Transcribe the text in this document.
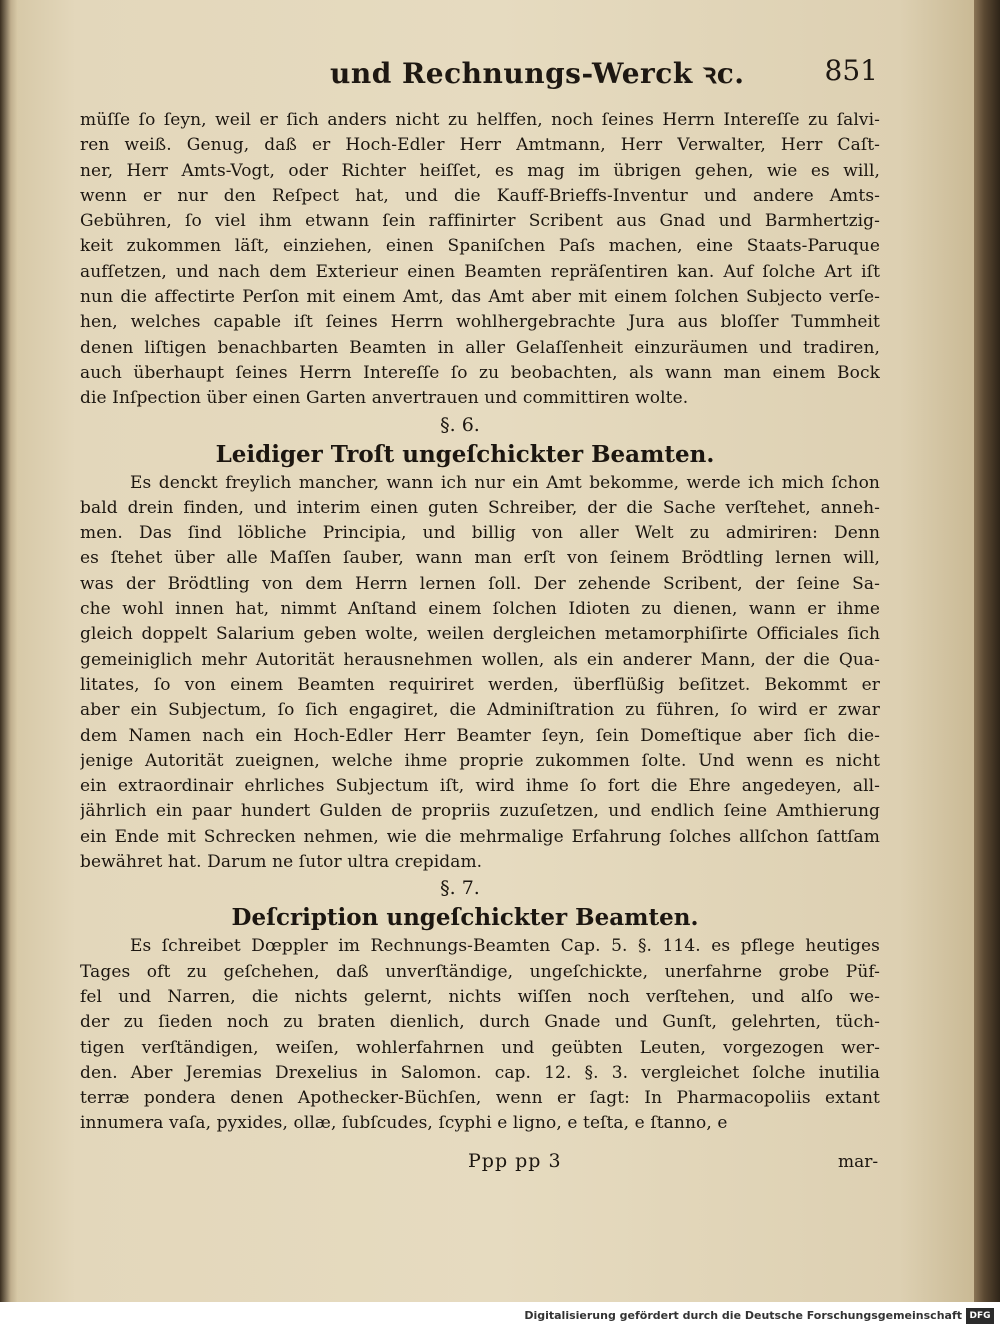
und Rechnungs-Werck ꝛc.	851
müſſe ſo ſeyn, weil er ſich anders nicht zu helffen, noch ſeines Herrn Intereſſe zu ſalvi-
ren weiß. Genug, daß er Hoch-Edler Herr Amtmann, Herr Verwalter, Herr Caſt-
ner, Herr Amts-Vogt, oder Richter heiſſet, es mag im übrigen gehen, wie es will,
wenn er nur den Reſpect hat, und die Kauff-Brieffs-Inventur und andere Amts-
Gebühren, ſo viel ihm etwann ſein raffinirter Scribent aus Gnad und Barmhertzig-
keit zukommen läſt, einziehen, einen Spaniſchen Paſs machen, eine Staats-Paruque
aufſetzen, und nach dem Exterieur einen Beamten repräſentiren kan. Auf ſolche Art iſt
nun die affectirte Perſon mit einem Amt, das Amt aber mit einem ſolchen Subjecto verſe-
hen, welches capable iſt ſeines Herrn wohlhergebrachte Jura aus bloſſer Tummheit
denen liſtigen benachbarten Beamten in aller Gelaſſenheit einzuräumen und tradiren,
auch überhaupt ſeines Herrn Intereſſe ſo zu beobachten, als wann man einem Bock
die Inſpection über einen Garten anvertrauen und committiren wolte.
§. 6.
Leidiger Troſt ungeſchickter Beamten.
Es denckt freylich mancher, wann ich nur ein Amt bekomme, werde ich mich ſchon
bald drein finden, und interim einen guten Schreiber, der die Sache verſtehet, anneh-
men. Das ſind löbliche Principia, und billig von aller Welt zu admiriren: Denn
es ſtehet über alle Maſſen ſauber, wann man erſt von ſeinem Brödtling lernen will,
was der Brödtling von dem Herrn lernen ſoll. Der zehende Scribent, der ſeine Sa-
che wohl innen hat, nimmt Anſtand einem ſolchen Idioten zu dienen, wann er ihme
gleich doppelt Salarium geben wolte, weilen dergleichen metamorphiſirte Officiales ſich
gemeiniglich mehr Autorität herausnehmen wollen, als ein anderer Mann, der die Qua-
litates, ſo von einem Beamten requiriret werden, überflüßig beſitzet. Bekommt er
aber ein Subjectum, ſo ſich engagiret, die Adminiſtration zu führen, ſo wird er zwar
dem Namen nach ein Hoch-Edler Herr Beamter ſeyn, ſein Domeſtique aber ſich die-
jenige Autorität zueignen, welche ihme proprie zukommen ſolte. Und wenn es nicht
ein extraordinair ehrliches Subjectum iſt, wird ihme ſo fort die Ehre angedeyen, all-
jährlich ein paar hundert Gulden de propriis zuzuſetzen, und endlich ſeine Amthierung
ein Ende mit Schrecken nehmen, wie die mehrmalige Erfahrung ſolches allſchon ſattſam
bewähret hat. Darum ne ſutor ultra crepidam.
§. 7.
Deſcription ungeſchickter Beamten.
Es ſchreibet Dœppler im Rechnungs-Beamten Cap. 5. §. 114. es pflege heutiges
Tages oft zu geſchehen, daß unverſtändige, ungeſchickte, unerfahrne grobe Püf-
fel und Narren, die nichts gelernt, nichts wiſſen noch verſtehen, und alſo we-
der zu ſieden noch zu braten dienlich, durch Gnade und Gunſt, gelehrten, tüch-
tigen verſtändigen, weiſen, wohlerfahrnen und geübten Leuten, vorgezogen wer-
den. Aber Jeremias Drexelius in Salomon. cap. 12. §. 3. vergleichet ſolche inutilia
terræ pondera denen Apothecker-Büchſen, wenn er ſagt: In Pharmacopoliis extant
innumera vaſa, pyxides, ollæ, ſubſcudes, ſcyphi e ligno, e teſta, e ſtanno, e
Ppp pp 3	mar-
Digitalisierung gefördert durch die Deutsche Forschungsgemeinschaft DFG
